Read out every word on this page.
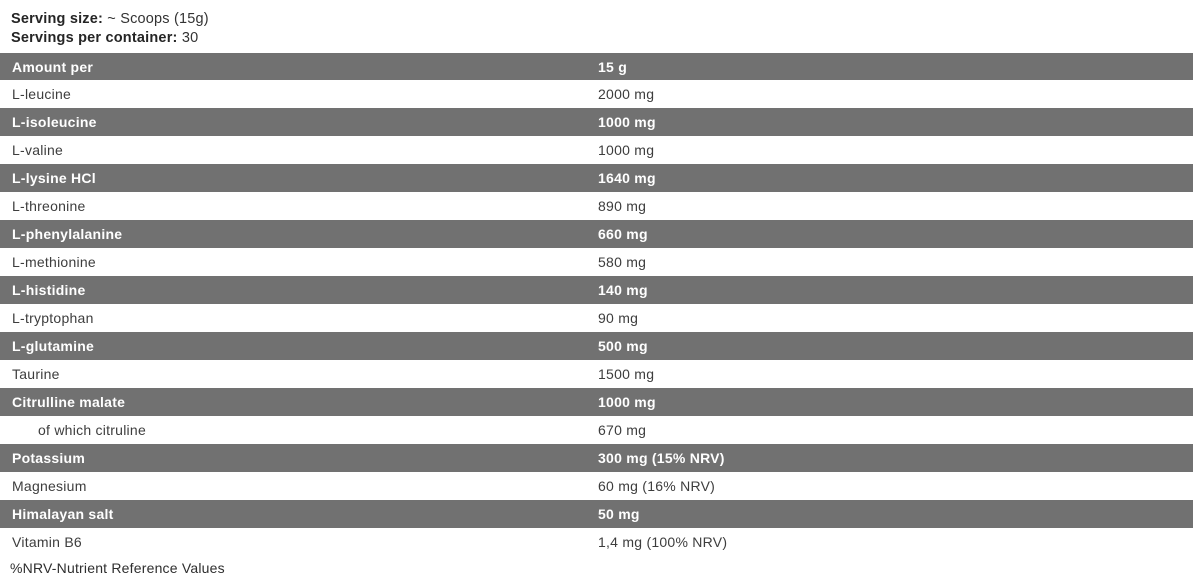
Serving size: ~ Scoops (15g)
Servings per container: 30
Amount per	15 g
L-leucine	2000 mg
L-isoleucine	1000 mg
L-valine	1000 mg
L-lysine HCl	1640 mg
L-threonine	890 mg
L-phenylalanine	660 mg
L-methionine	580 mg
L-histidine	140 mg
L-tryptophan	90 mg
L-glutamine	500 mg
Taurine	1500 mg
Citrulline malate	1000 mg
of which citruline	670 mg
Potassium	300 mg (15% NRV)
Magnesium	60 mg (16% NRV)
Himalayan salt	50 mg
Vitamin B6	1,4 mg (100% NRV)
%NRV-Nutrient Reference Values
